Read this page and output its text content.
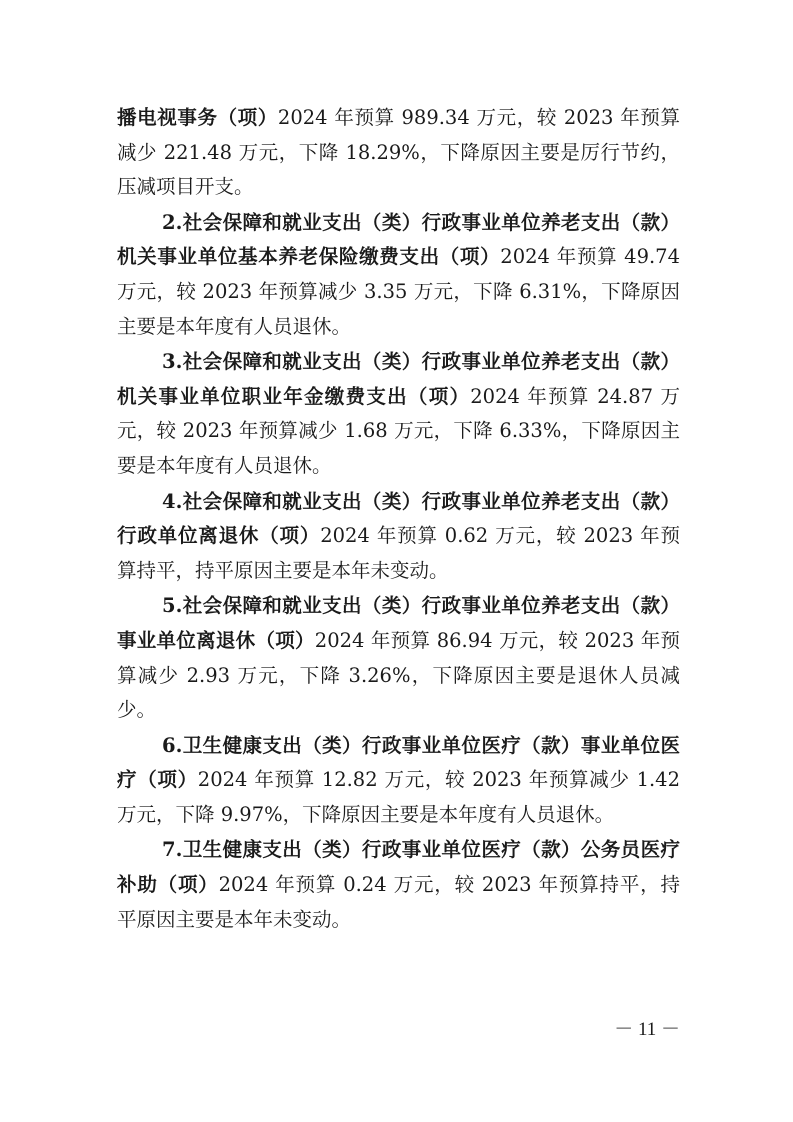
播电视事务（项）2024 年预算 989.34 万元，较 2023 年预算减少 221.48 万元，下降 18.29%，下降原因主要是厉行节约，压减项目开支。

2.社会保障和就业支出（类）行政事业单位养老支出（款）机关事业单位基本养老保险缴费支出（项）2024 年预算 49.74 万元，较 2023 年预算减少 3.35 万元，下降 6.31%，下降原因主要是本年度有人员退休。

3.社会保障和就业支出（类）行政事业单位养老支出（款）机关事业单位职业年金缴费支出（项）2024 年预算 24.87 万元，较 2023 年预算减少 1.68 万元，下降 6.33%，下降原因主要是本年度有人员退休。

4.社会保障和就业支出（类）行政事业单位养老支出（款）行政单位离退休（项）2024 年预算 0.62 万元，较 2023 年预算持平，持平原因主要是本年未变动。

5.社会保障和就业支出（类）行政事业单位养老支出（款）事业单位离退休（项）2024 年预算 86.94 万元，较 2023 年预算减少 2.93 万元，下降 3.26%，下降原因主要是退休人员减少。

6.卫生健康支出（类）行政事业单位医疗（款）事业单位医疗（项）2024 年预算 12.82 万元，较 2023 年预算减少 1.42 万元，下降 9.97%，下降原因主要是本年度有人员退休。

7.卫生健康支出（类）行政事业单位医疗（款）公务员医疗补助（项）2024 年预算 0.24 万元，较 2023 年预算持平，持平原因主要是本年未变动。

－ 11 －
